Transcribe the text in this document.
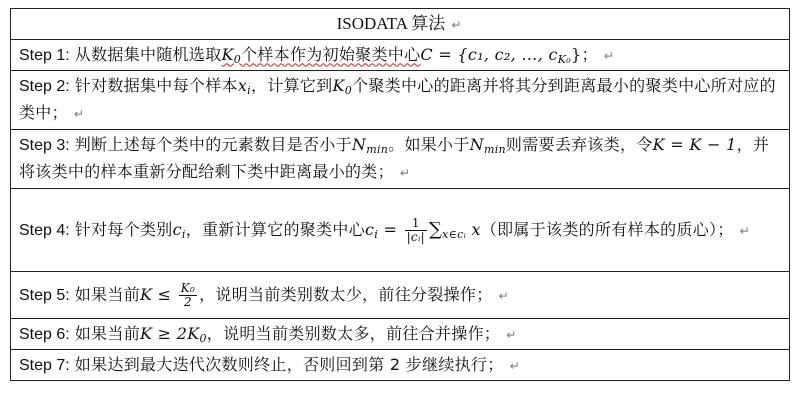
ISODATA 算法 ↵
Step 1: 从数据集中随机选取$K_0$个样本作为初始聚类中心C = {c₁, c₂, …, $c_{K_0}$}； ↵
Step 2: 针对数据集中每个样本$x_i$，计算它到$K_0$个聚类中心的距离并将其分到距离最小的聚类中心所对应的类中； ↵
Step 3: 判断上述每个类中的元素数目是否小于$N_{min}$。如果小于$N_{min}$则需要丢弃该类，令K = K − 1，并将该类中的样本重新分配给剩下类中距离最小的类； ↵
Step 4: 针对每个类别$c_i$，重新计算它的聚类中心$c_i = \frac{1}{\text{|cᵢ|}} \sum_{x\in cᵢ}$ x（即属于该类的所有样本的质心）； ↵
Step 5: 如果当前$K \le \frac{\text{K₀}}{2}$ ，说明当前类别数太少，前往分裂操作； ↵
Step 6: 如果当前$K \ge 2K_0$，说明当前类别数太多，前往合并操作； ↵
Step 7: 如果达到最大迭代次数则终止，否则回到第 2 步继续执行； ↵
